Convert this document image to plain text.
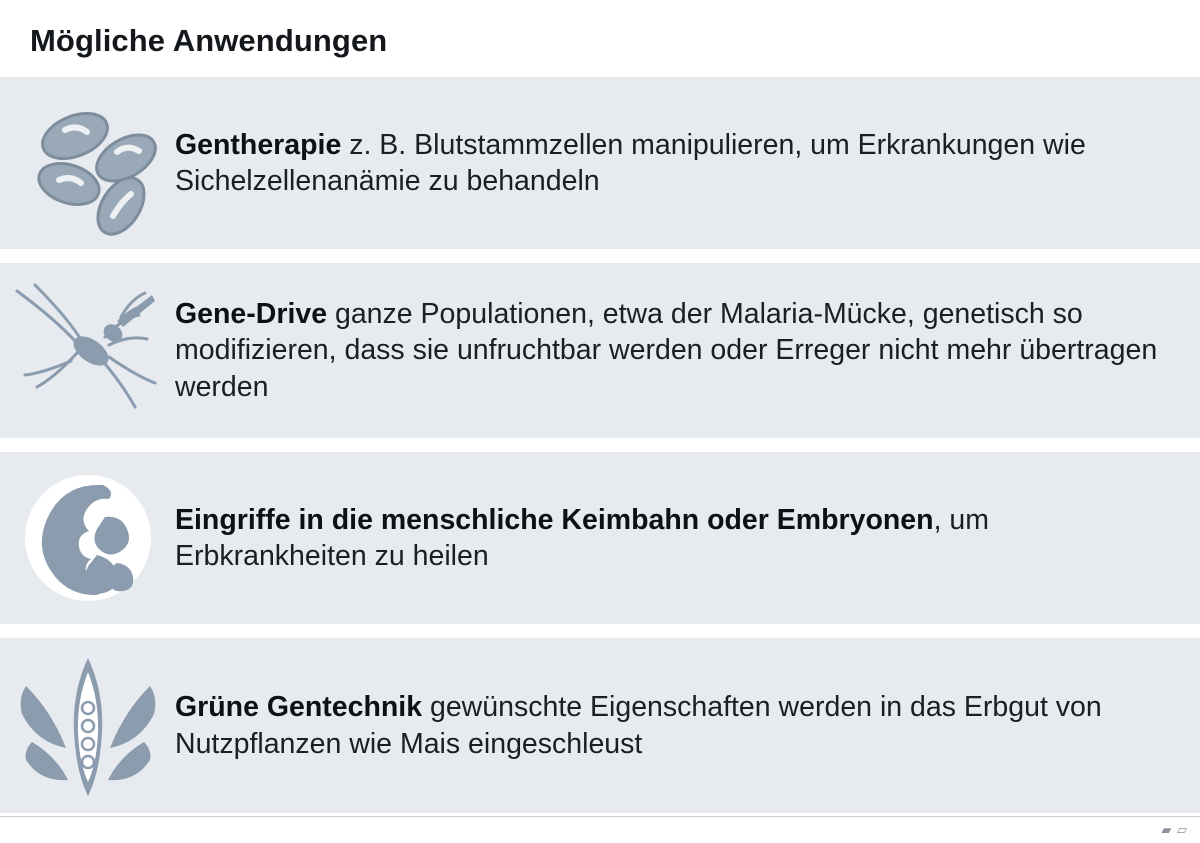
Mögliche Anwendungen
Gentherapie z. B. Blutstammzellen manipulieren, um Erkrankungen wie Sichelzellenanämie zu behandeln
Gene-Drive ganze Populationen, etwa der Malaria-Mücke, genetisch so modifizieren, dass sie unfruchtbar werden oder Erreger nicht mehr übertragen werden
Eingriffe in die menschliche Keimbahn oder Embryonen, um Erbkrankheiten zu heilen
Grüne Gentechnik gewünschte Eigenschaften werden in das Erbgut von Nutzpflanzen wie Mais eingeschleust
▰ ▱
